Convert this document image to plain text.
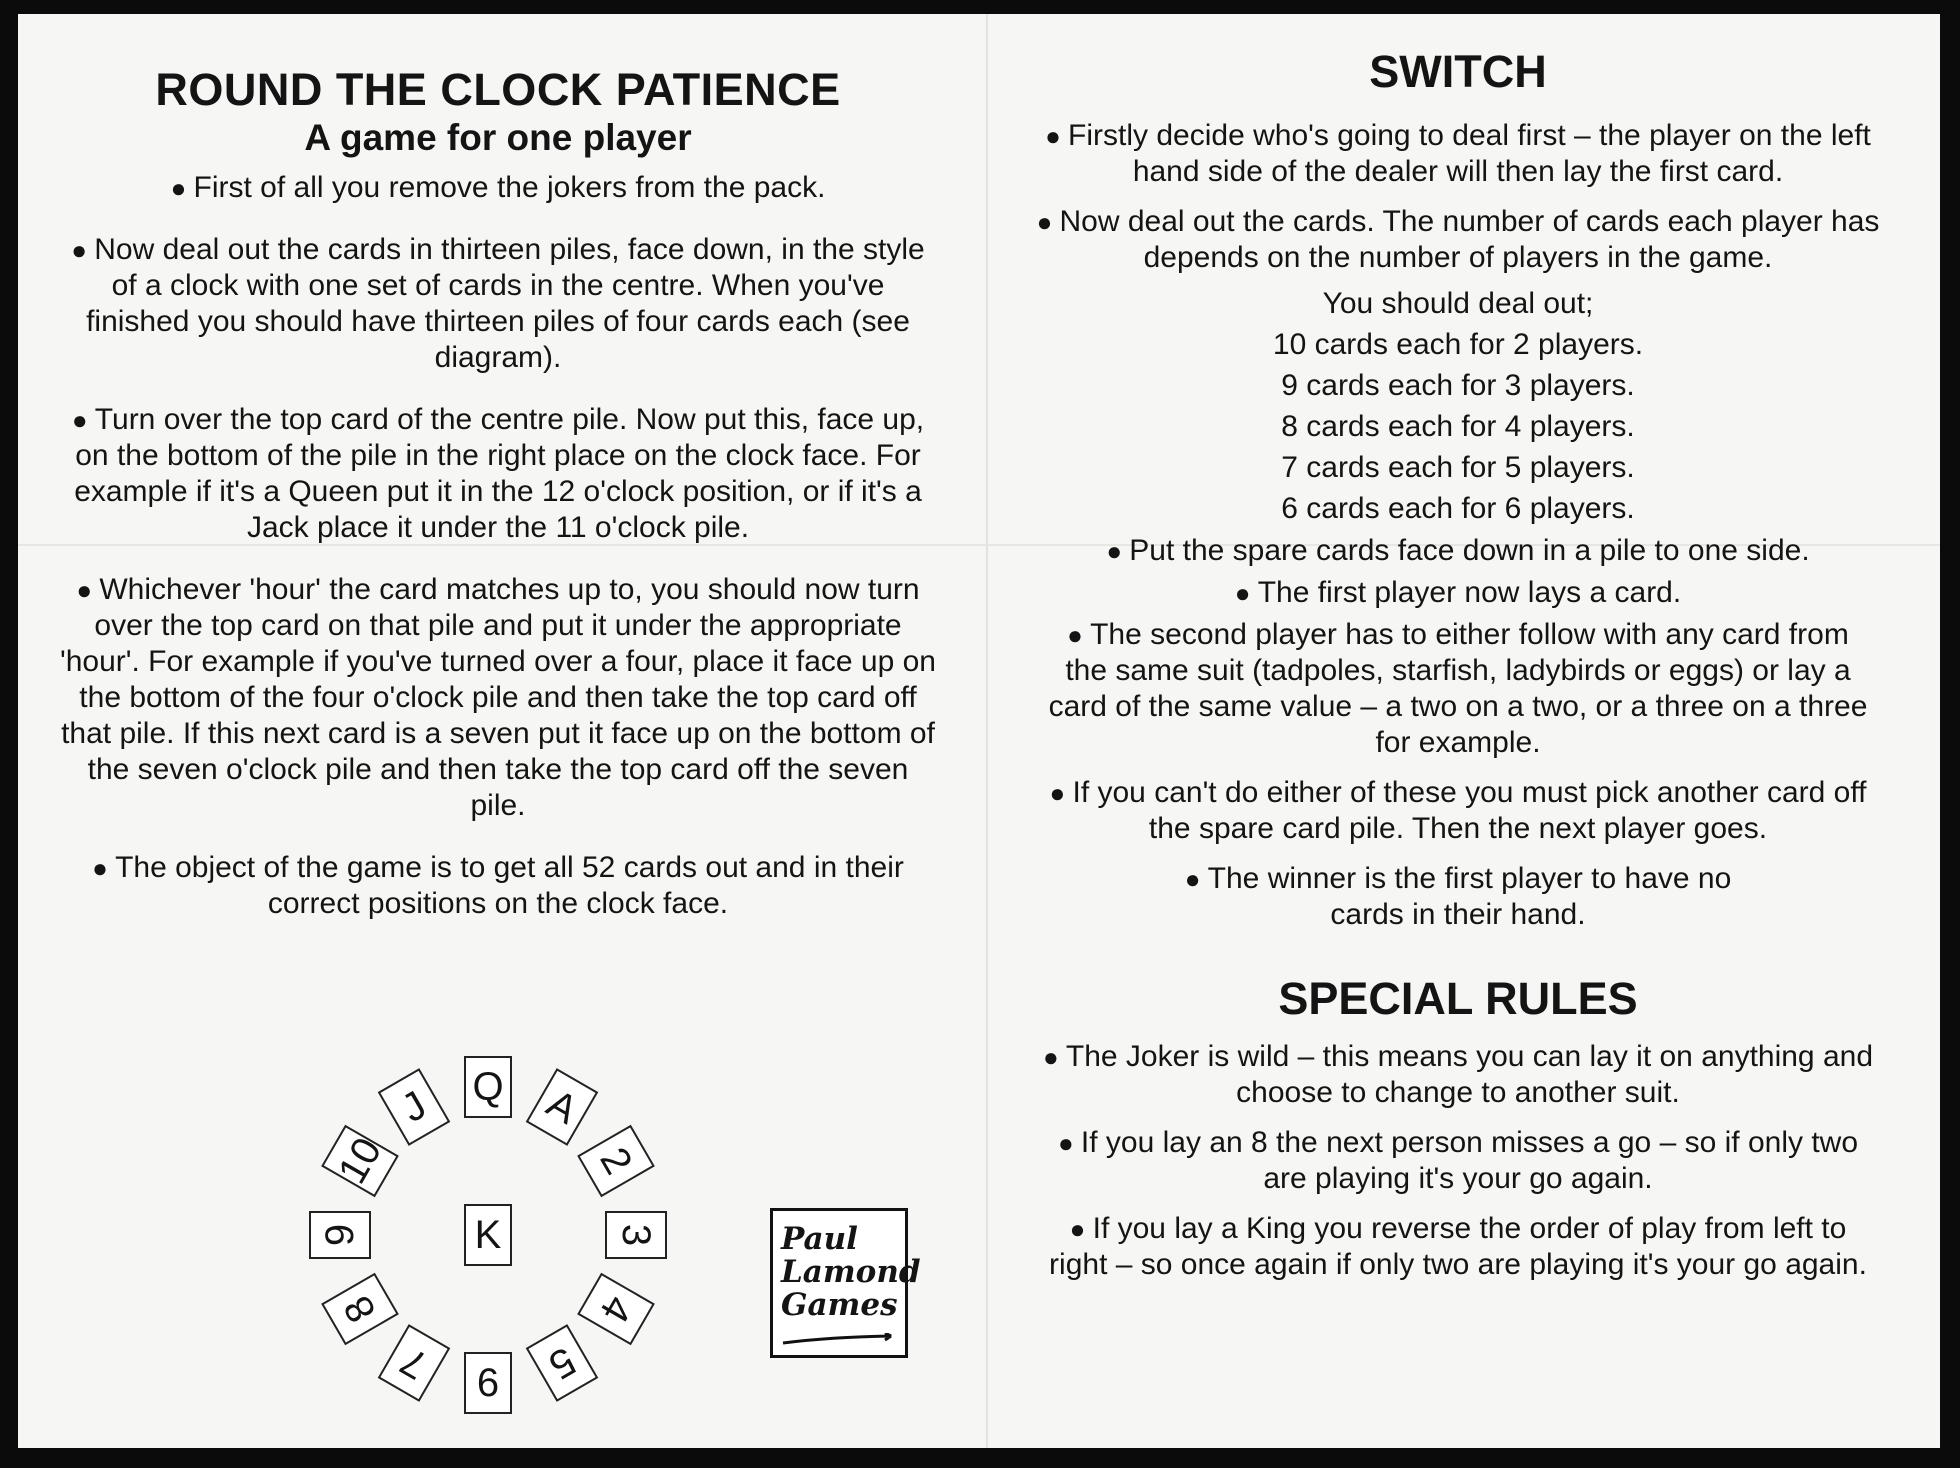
ROUND THE CLOCK PATIENCE
A game for one player

● First of all you remove the jokers from the pack.

● Now deal out the cards in thirteen piles, face down, in the style of a clock with one set of cards in the centre. When you've finished you should have thirteen piles of four cards each (see diagram).

● Turn over the top card of the centre pile. Now put this, face up, on the bottom of the pile in the right place on the clock face. For example if it's a Queen put it in the 12 o'clock position, or if it's a Jack place it under the 11 o'clock pile.

● Whichever 'hour' the card matches up to, you should now turn over the top card on that pile and put it under the appropriate 'hour'. For example if you've turned over a four, place it face up on the bottom of the four o'clock pile and then take the top card off that pile. If this next card is a seven put it face up on the bottom of the seven o'clock pile and then take the top card off the seven pile.

● The object of the game is to get all 52 cards out and in their correct positions on the clock face.

K
Q A
2
3
4
5
6
7
8
9
10
J
Paul
Lamond
Games
SWITCH

● Firstly decide who's going to deal first – the player on the left hand side of the dealer will then lay the first card.

● Now deal out the cards. The number of cards each player has depends on the number of players in the game.

You should deal out;

10 cards each for 2 players.

9 cards each for 3 players.

8 cards each for 4 players.

7 cards each for 5 players.

6 cards each for 6 players.

● Put the spare cards face down in a pile to one side.

● The first player now lays a card.

● The second player has to either follow with any card from the same suit (tadpoles, starfish, ladybirds or eggs) or lay a card of the same value – a two on a two, or a three on a three for example.

● If you can't do either of these you must pick another card off the spare card pile. Then the next player goes.

● The winner is the first player to have no cards in their hand.

SPECIAL RULES

● The Joker is wild – this means you can lay it on anything and choose to change to another suit.

● If you lay an 8 the next person misses a go – so if only two are playing it's your go again.

● If you lay a King you reverse the order of play from left to right – so once again if only two are playing it's your go again.
